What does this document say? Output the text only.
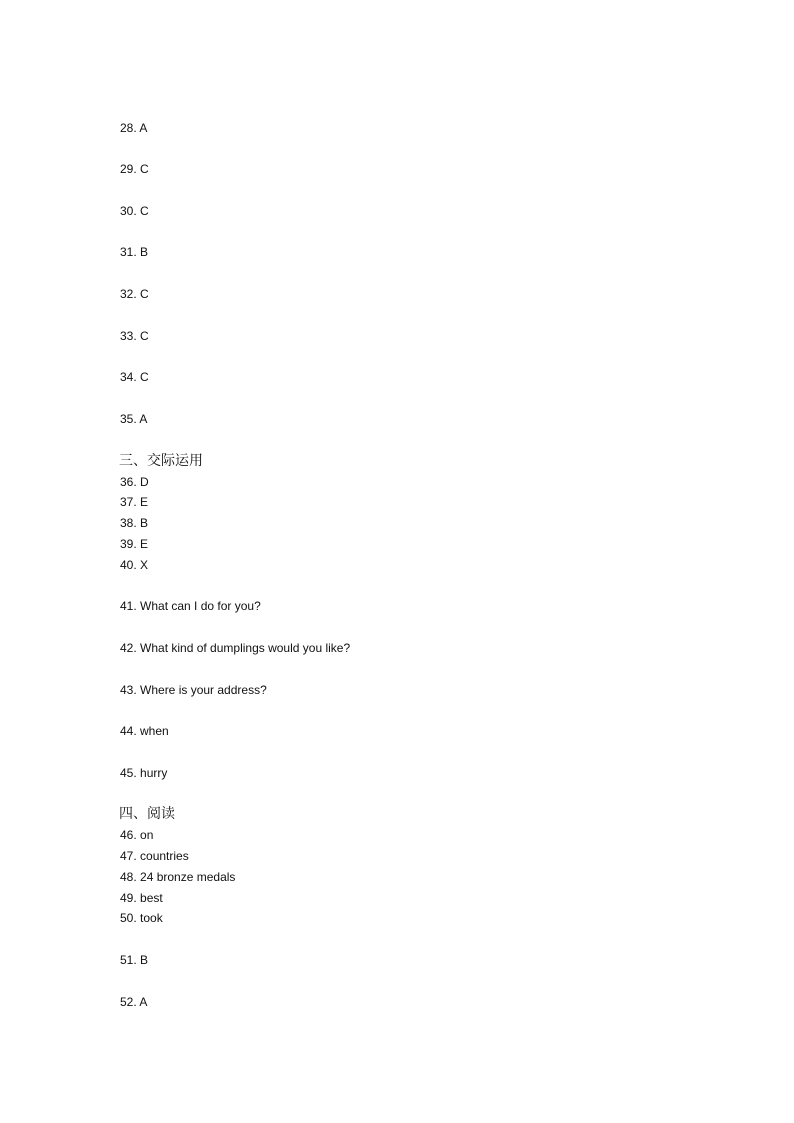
28. A
29. C
30. C
31. B
32. C
33. C
34. C
35. A
三、交际运用
36. D
37. E
38. B
39. E
40. X
41. What can I do for you?
42. What kind of dumplings would you like?
43. Where is your address?
44. when
45. hurry
四、阅读
46. on
47. countries
48. 24 bronze medals
49. best
50. took
51. B
52. A
